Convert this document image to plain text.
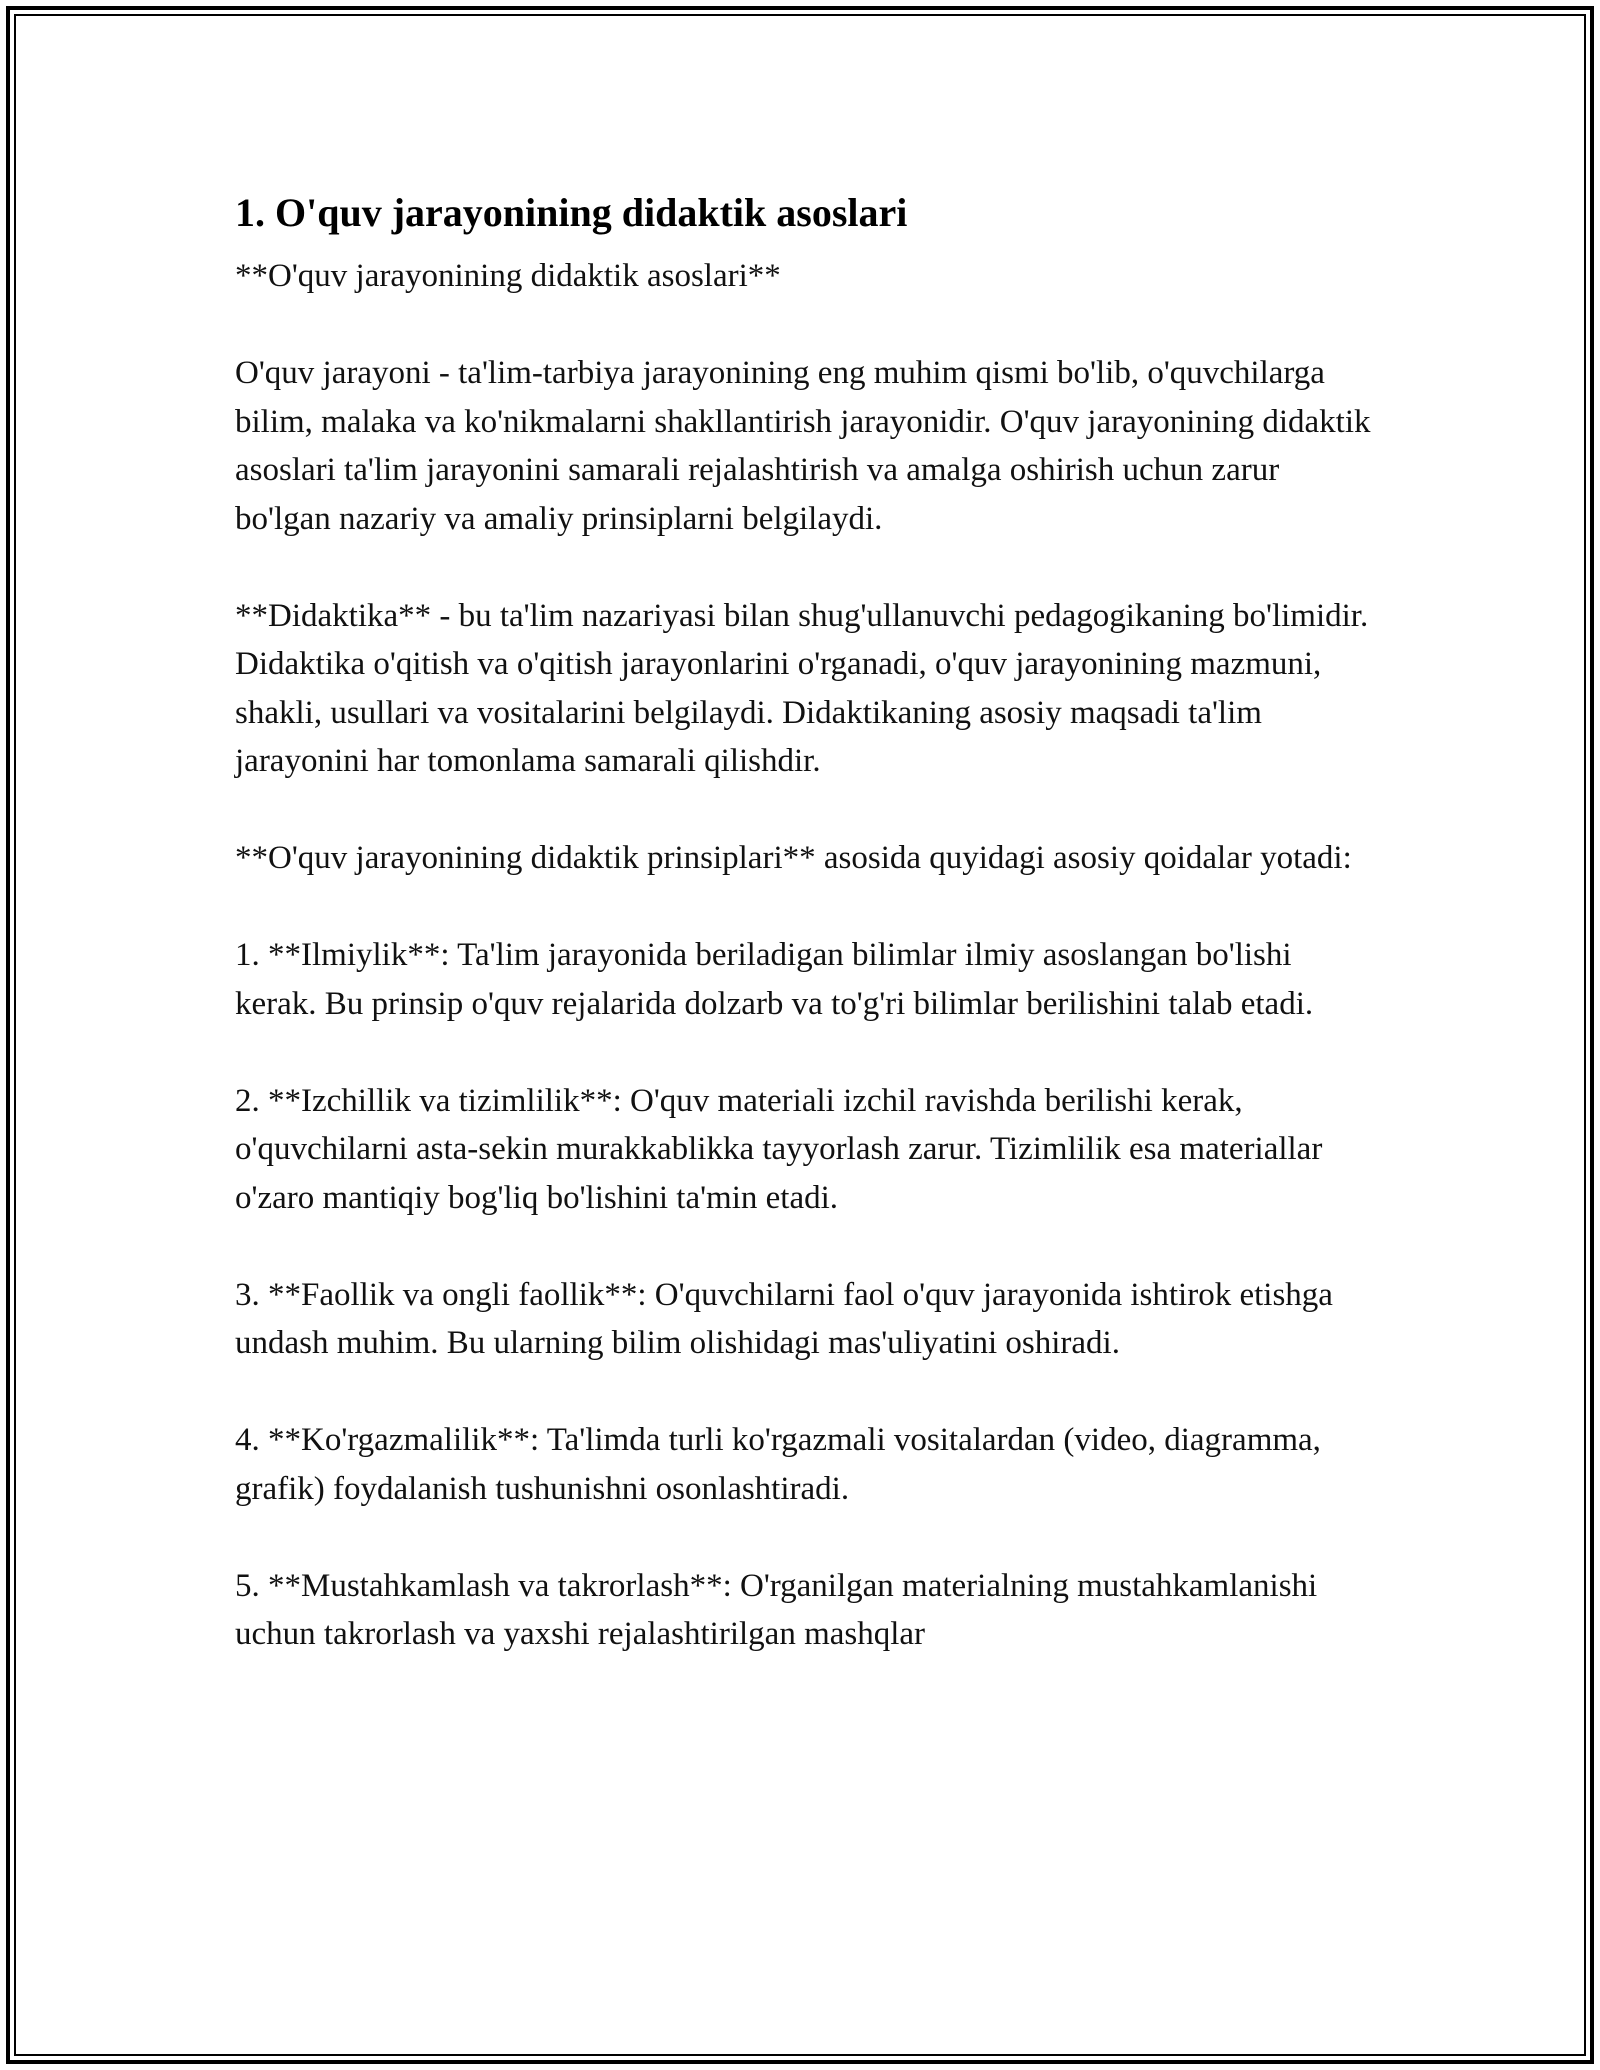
1. O'quv jarayonining didaktik asoslari

**O'quv jarayonining didaktik asoslari**

O'quv jarayoni - ta'lim-tarbiya jarayonining eng muhim qismi bo'lib, o'quvchilarga bilim, malaka va ko'nikmalarni shakllantirish jarayonidir. O'quv jarayonining didaktik asoslari ta'lim jarayonini samarali rejalashtirish va amalga oshirish uchun zarur bo'lgan nazariy va amaliy prinsiplarni belgilaydi.

**Didaktika** - bu ta'lim nazariyasi bilan shug'ullanuvchi pedagogikaning bo'limidir. Didaktika o'qitish va o'qitish jarayonlarini o'rganadi, o'quv jarayonining mazmuni, shakli, usullari va vositalarini belgilaydi. Didaktikaning asosiy maqsadi ta'lim jarayonini har tomonlama samarali qilishdir.

**O'quv jarayonining didaktik prinsiplari** asosida quyidagi asosiy qoidalar yotadi:

1. **Ilmiylik**: Ta'lim jarayonida beriladigan bilimlar ilmiy asoslangan bo'lishi kerak. Bu prinsip o'quv rejalarida dolzarb va to'g'ri bilimlar berilishini talab etadi.

2. **Izchillik va tizimlilik**: O'quv materiali izchil ravishda berilishi kerak, o'quvchilarni asta-sekin murakkablikka tayyorlash zarur. Tizimlilik esa materiallar o'zaro mantiqiy bog'liq bo'lishini ta'min etadi.

3. **Faollik va ongli faollik**: O'quvchilarni faol o'quv jarayonida ishtirok etishga undash muhim. Bu ularning bilim olishidagi mas'uliyatini oshiradi.

4. **Ko'rgazmalilik**: Ta'limda turli ko'rgazmali vositalardan (video, diagramma, grafik) foydalanish tushunishni osonlashtiradi.

5. **Mustahkamlash va takrorlash**: O'rganilgan materialning mustahkamlanishi uchun takrorlash va yaxshi rejalashtirilgan mashqlar
